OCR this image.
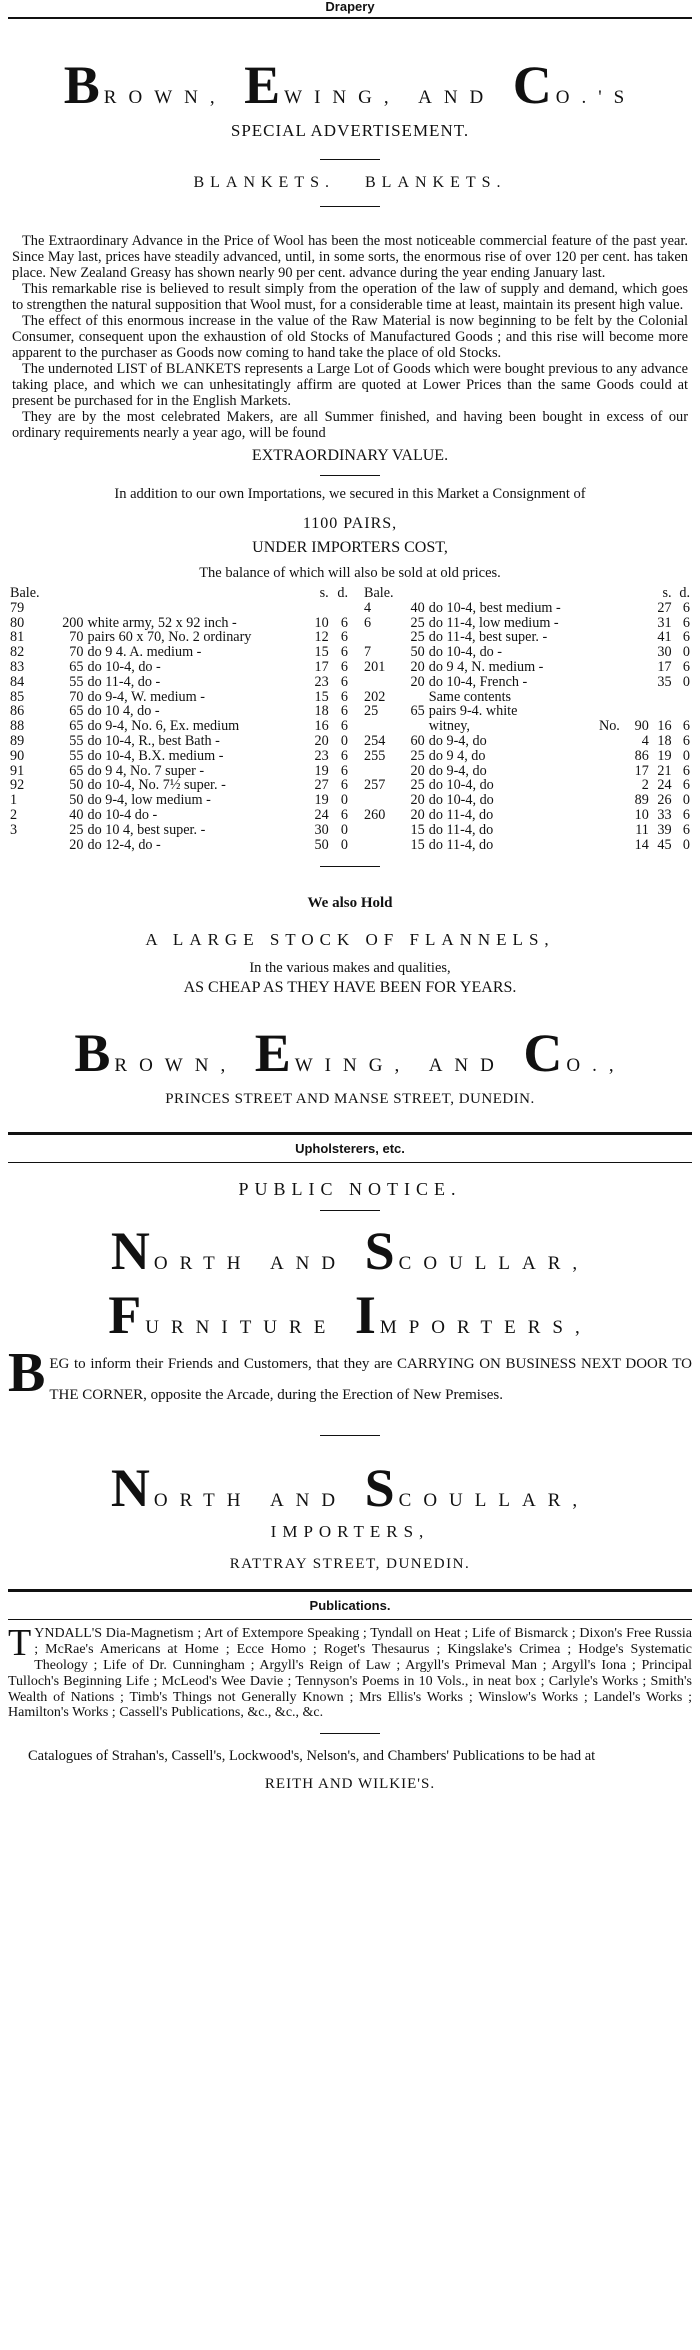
Drapery
BROWN, EWING, AND CO.'S
SPECIAL ADVERTISEMENT.
BLANKETS.   BLANKETS.

The Extraordinary Advance in the Price of Wool has been the most noticeable commercial feature of the past year. Since May last, prices have steadily advanced, until, in some sorts, the enormous rise of over 120 per cent. has taken place. New Zealand Greasy has shown nearly 90 per cent. advance during the year ending January last.

This remarkable rise is believed to result simply from the operation of the law of supply and demand, which goes to strengthen the natural supposition that Wool must, for a considerable time at least, maintain its present high value.

The effect of this enormous increase in the value of the Raw Material is now beginning to be felt by the Colonial Consumer, consequent upon the exhaustion of old Stocks of Manufactured Goods ; and this rise will become more apparent to the purchaser as Goods now coming to hand take the place of old Stocks.

The undernoted LIST of BLANKETS represents a Large Lot of Goods which were bought previous to any advance taking place, and which we can unhesitatingly affirm are quoted at Lower Prices than the same Goods could at present be purchased for in the English Markets.

They are by the most celebrated Makers, are all Summer finished, and having been bought in excess of our ordinary requirements nearly a year ago, will be found

EXTRAORDINARY VALUE.
In addition to our own Importations, we secured in this Market a Consignment of
1100 PAIRS,
UNDER IMPORTERS COST,
The balance of which will also be sold at old prices.
Bale.			s.	d.
79				
80	200	white army, 52 x 92 inch -	10	6
81	70	pairs 60 x 70, No. 2 ordinary	12	6
82	70	do 9 4. A. medium -	15	6
83	65	do 10-4, do -	17	6
84	55	do 11-4, do -	23	6
85	70	do 9-4, W. medium -	15	6
86	65	do 10 4, do -	18	6
88	65	do 9-4, No. 6, Ex. medium	16	6
89	55	do 10-4, R., best Bath -	20	0
90	55	do 10-4, B.X. medium -	23	6
91	65	do 9 4, No. 7 super -	19	6
92	50	do 10-4, No. 7½ super. -	27	6
1	50	do 9-4, low medium -	19	0
2	40	do 10-4 do -	24	6
3	25	do 10 4, best super. -	30	0
	20	do 12-4, do -	50	0
Bale.					s.	d.
4	40	do 10-4, best medium -			27	6
6	25	do 11-4, low medium -			31	6
	25	do 11-4, best super. -			41	6
7	50	do 10-4, do -			30	0
201	20	do 9 4, N. medium -			17	6
	20	do 10-4, French -			35	0
202		Same contents				
25	65	pairs 9-4. white				
		witney,	No.	90	16	6
254	60	do 9-4, do		4	18	6
255	25	do 9 4, do		86	19	0
	20	do 9-4, do		17	21	6
257	25	do 10-4, do		2	24	6
	20	do 10-4, do		89	26	0
260	20	do 11-4, do		10	33	6
	15	do 11-4, do		11	39	6
	15	do 11-4, do		14	45	0
We also Hold
A LARGE STOCK OF FLANNELS,
In the various makes and qualities,
AS CHEAP AS THEY HAVE BEEN FOR YEARS.
BROWN, EWING, AND CO.,
PRINCES STREET AND MANSE STREET, DUNEDIN.
Upholsterers, etc.
PUBLIC NOTICE.
NORTH AND SCOULLAR,
FURNITURE IMPORTERS,
BEG to inform their Friends and Customers, that they are CARRYING ON BUSINESS NEXT DOOR TO THE CORNER, opposite the Arcade, during the Erection of New Premises.
NORTH AND SCOULLAR,
IMPORTERS,
RATTRAY STREET, DUNEDIN.
Publications.
TYNDALL'S Dia-Magnetism ; Art of Extempore Speaking ; Tyndall on Heat ; Life of Bismarck ; Dixon's Free Russia ; McRae's Americans at Home ; Ecce Homo ; Roget's Thesaurus ; Kingslake's Crimea ; Hodge's Systematic Theology ; Life of Dr. Cunningham ; Argyll's Reign of Law ; Argyll's Primeval Man ; Argyll's Iona ; Principal Tulloch's Beginning Life ; McLeod's Wee Davie ; Tennyson's Poems in 10 Vols., in neat box ; Carlyle's Works ; Smith's Wealth of Nations ; Timb's Things not Generally Known ; Mrs Ellis's Works ; Winslow's Works ; Landel's Works ; Hamilton's Works ; Cassell's Publications, &c., &c., &c.
Catalogues of Strahan's, Cassell's, Lockwood's, Nelson's, and Chambers' Publications to be had at
REITH AND WILKIE'S.
